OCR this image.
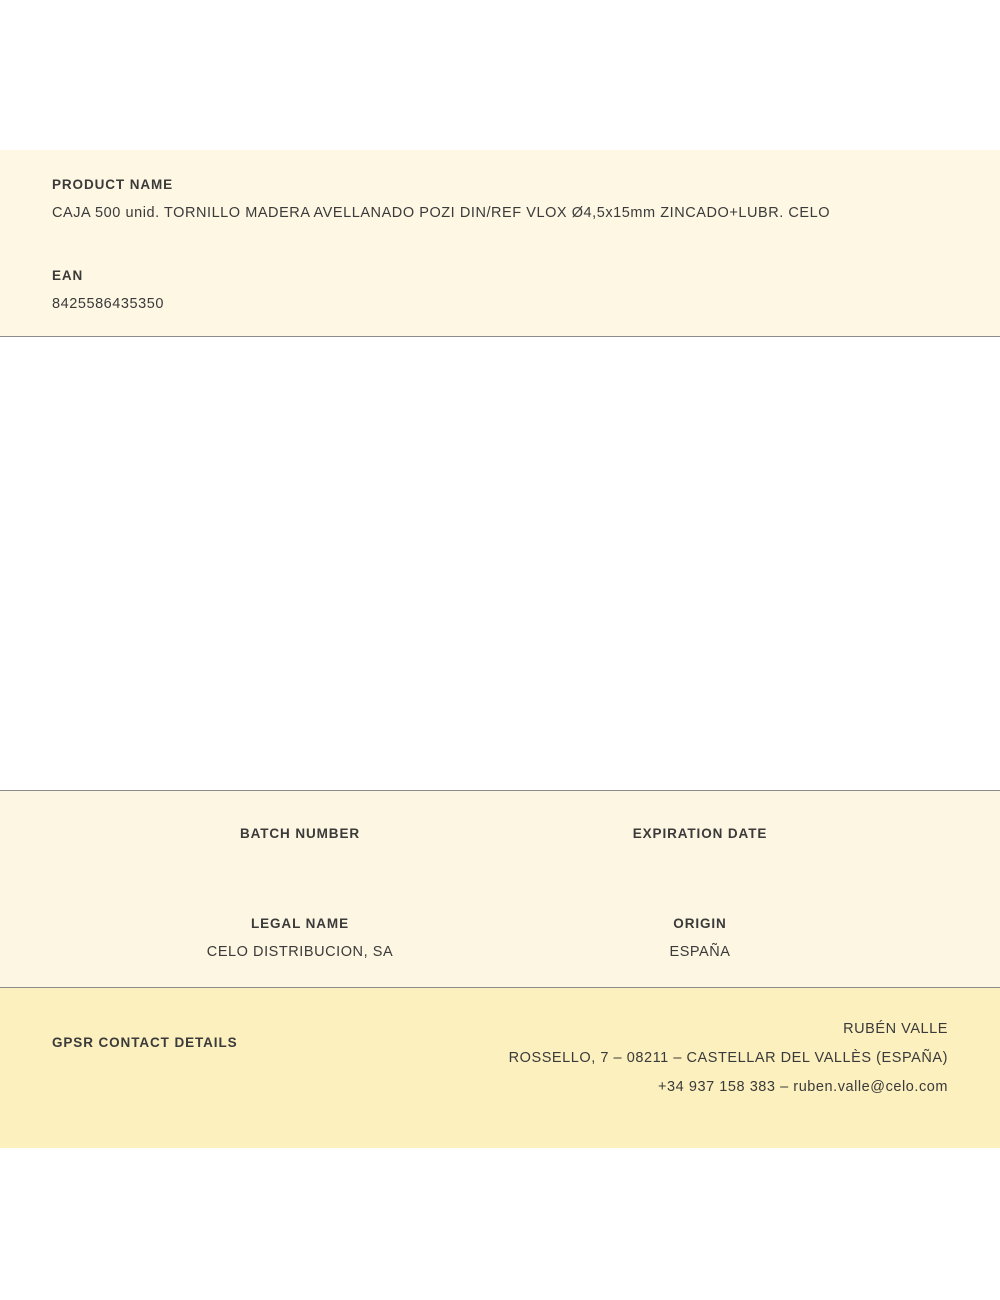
PRODUCT NAME
CAJA 500 unid. TORNILLO MADERA AVELLANADO POZI DIN/REF VLOX Ø4,5x15mm ZINCADO+LUBR. CELO
EAN
8425586435350
BATCH NUMBER	EXPIRATION DATE
LEGAL NAME	ORIGIN
CELO DISTRIBUCION, SA	ESPAÑA
GPSR CONTACT DETAILS
RUBÉN VALLE
ROSSELLO, 7 – 08211 – CASTELLAR DEL VALLÈS (ESPAÑA)
+34 937 158 383 – ruben.valle@celo.com
